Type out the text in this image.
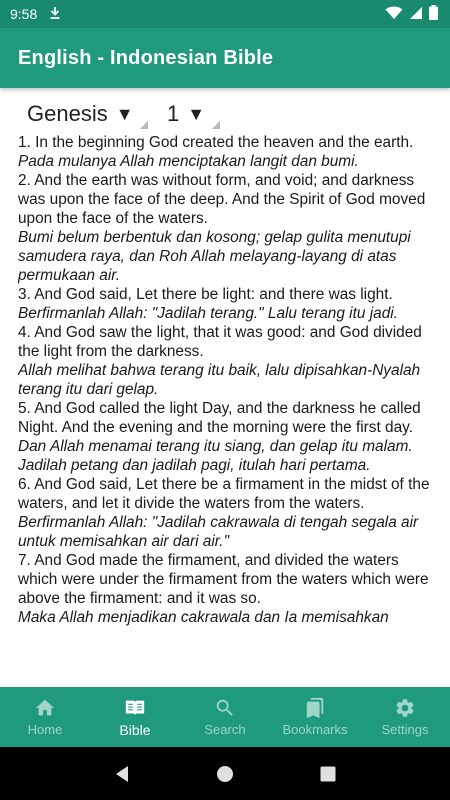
9:58
English - Indonesian Bible
Genesis ▼ 1 ▼
1. In the beginning God created the heaven and the earth.
Pada mulanya Allah menciptakan langit dan bumi.
2. And the earth was without form, and void; and darkness was upon the face of the deep. And the Spirit of God moved upon the face of the waters.
Bumi belum berbentuk dan kosong; gelap gulita menutupi samudera raya, dan Roh Allah melayang-layang di atas permukaan air.
3. And God said, Let there be light: and there was light.
Berfirmanlah Allah: "Jadilah terang." Lalu terang itu jadi.
4. And God saw the light, that it was good: and God divided the light from the darkness.
Allah melihat bahwa terang itu baik, lalu dipisahkan-Nyalah terang itu dari gelap.
5. And God called the light Day, and the darkness he called Night. And the evening and the morning were the first day.
Dan Allah menamai terang itu siang, dan gelap itu malam. Jadilah petang dan jadilah pagi, itulah hari pertama.
6. And God said, Let there be a firmament in the midst of the waters, and let it divide the waters from the waters.
Berfirmanlah Allah: "Jadilah cakrawala di tengah segala air untuk memisahkan air dari air."
7. And God made the firmament, and divided the waters which were under the firmament from the waters which were above the firmament: and it was so.
Maka Allah menjadikan cakrawala dan Ia memisahkan
Home	Bible	Search	Bookmarks	Settings
